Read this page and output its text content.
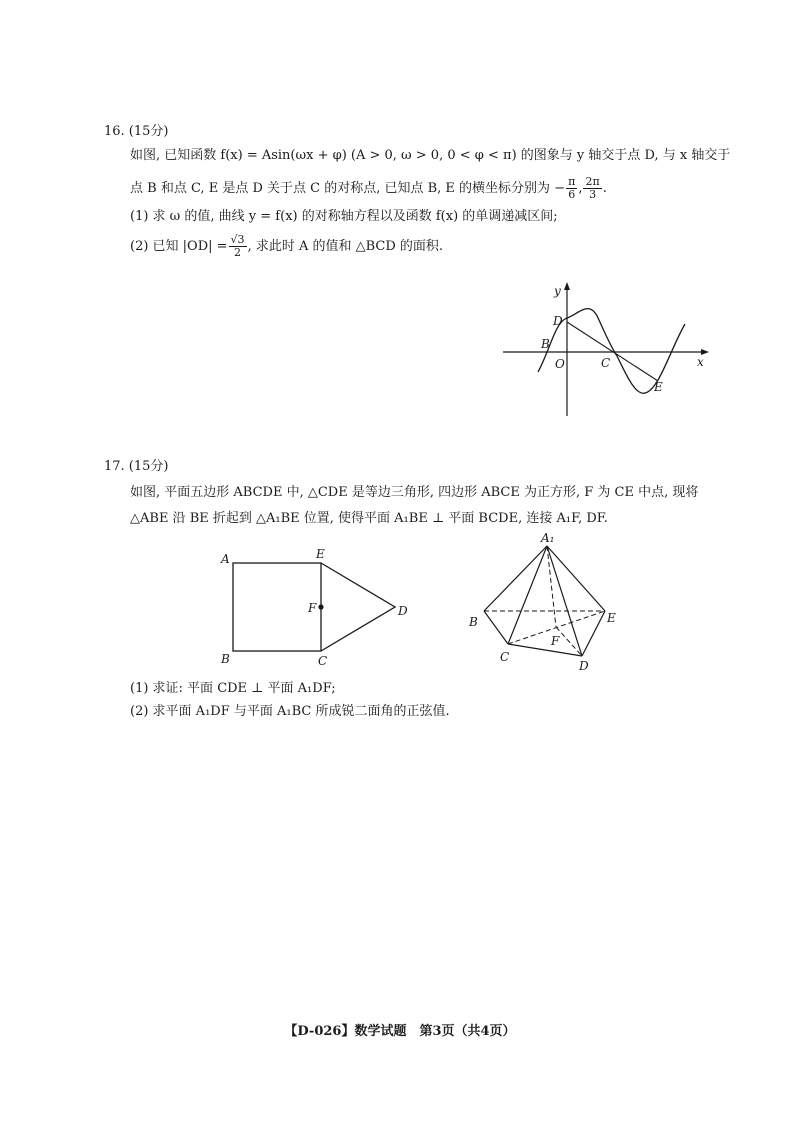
16. (15分)
如图, 已知函数 f(x) = Asin(ωx + φ) (A > 0, ω > 0, 0 < φ < π) 的图象与 y 轴交于点 D, 与 x 轴交于
点 B 和点 C, E 是点 D 关于点 C 的对称点, 已知点 B, E 的横坐标分别为 − $\frac{\pi}{6}$ , $\frac{2\pi}{3}$ .
(1) 求 ω 的值, 曲线 y = f(x) 的对称轴方程以及函数 f(x) 的单调递减区间;
(2) 已知 $|OD| = \frac{√3}{2}$ , 求此时 A 的值和 △BCD 的面积.
y
x
D
B
O	C
E
17. (15分)
如图, 平面五边形 ABCDE 中, △CDE 是等边三角形, 四边形 ABCE 为正方形, F 为 CE 中点, 现将
△ABE 沿 BE 折起到 △A₁BE 位置, 使得平面 A₁BE ⊥ 平面 BCDE, 连接 A₁F, DF.
A	E
F	D
B	C
A₁
B	E
F
C
D
(1) 求证: 平面 CDE ⊥ 平面 A₁DF;
(2) 求平面 A₁DF 与平面 A₁BC 所成锐二面角的正弦值.
【D-026】数学试题　第3页（共4页）
